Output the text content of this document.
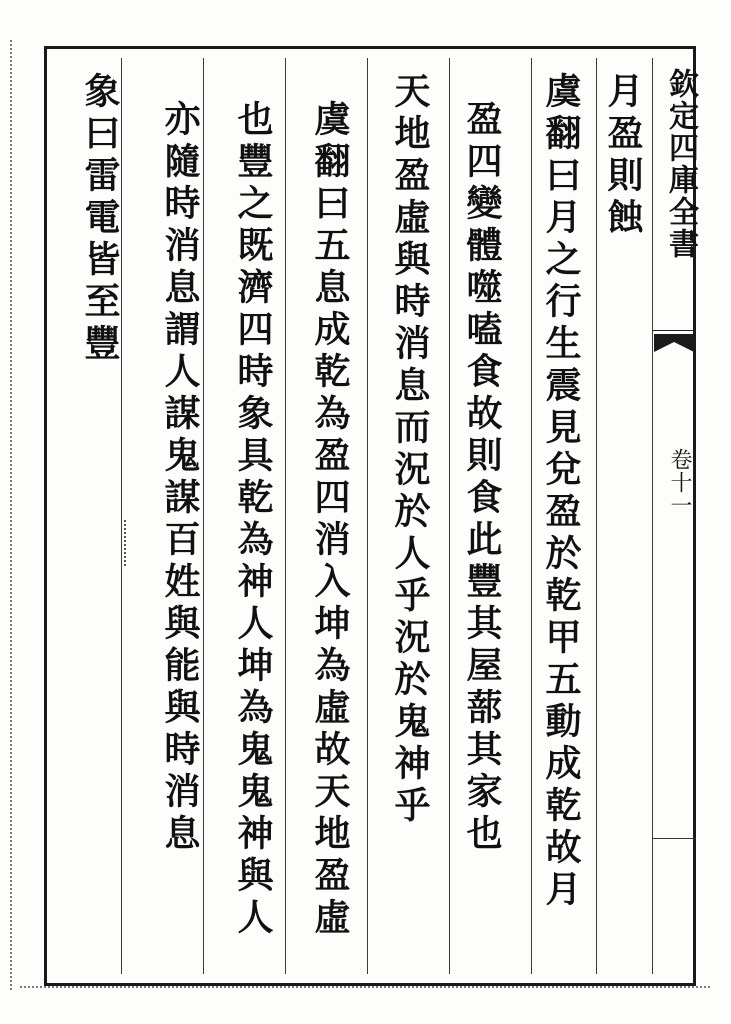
月盈則蝕
虞翻曰月之行生震見兌盈於乾甲五動成乾故月
盈四變體噬嗑食故則食此豐其屋蔀其家也
天地盈虛與時消息而況於人乎況於鬼神乎
虞翻曰五息成乾為盈四消入坤為虛故天地盈虛
也豐之既濟四時象具乾為神人坤為鬼鬼神與人
亦隨時消息謂人謀鬼謀百姓與能與時消息
象曰雷電皆至豐	欽定四庫全書
卷十一
